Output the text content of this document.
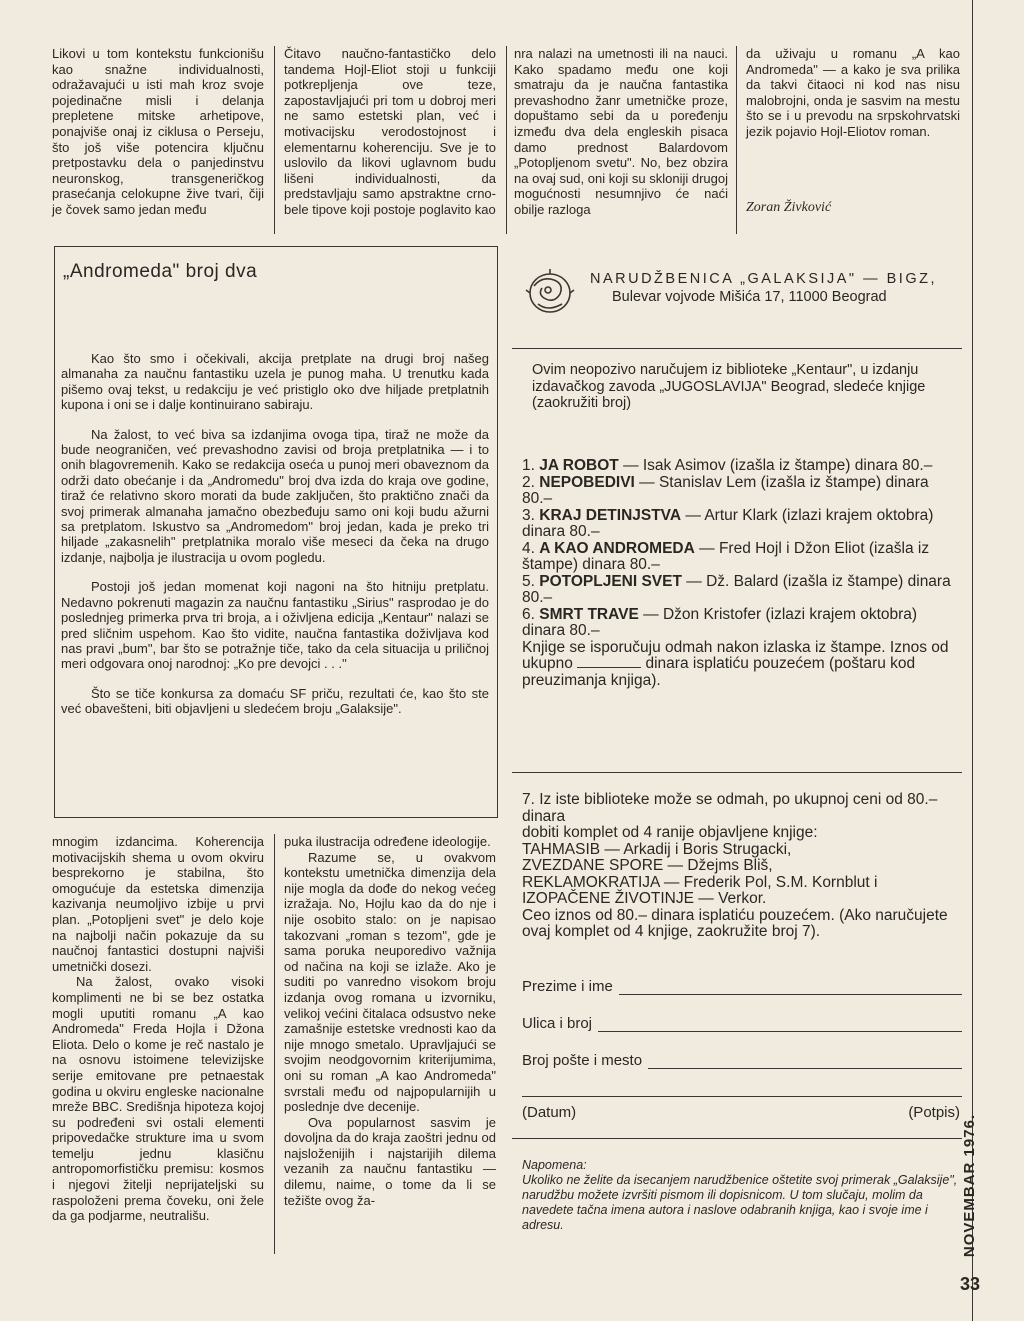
Likovi u tom kontekstu funkcionišu kao snažne individualnosti, odražavajući u isti mah kroz svoje pojedinačne misli i delanja prepletene mitske arhetipove, ponajviše onaj iz ciklusa o Perseju, što još više potencira ključnu pretpostavku dela o panjedinstvu neuronskog, transgeneričkog prasećanja celokupne žive tvari, čiji je čovek samo jedan među

Čitavo naučno-fantastičko delo tandema Hojl-Eliot stoji u funkciji potkrepljenja ove teze, zapostavljajući pri tom u dobroj meri ne samo estetski plan, već i motivacijsku verodostojnost i elementarnu koherenciju. Sve je to uslovilo da likovi uglavnom budu lišeni individualnosti, da predstavljaju samo apstraktne crno-bele tipove koji postoje poglavito kao

nra nalazi na umetnosti ili na nauci. Kako spadamo među one koji smatraju da je naučna fantastika prevashodno žanr umetničke proze, dopuštamo sebi da u poređenju između dva dela engleskih pisaca damo prednost Balardovom „Potopljenom svetu". No, bez obzira na ovaj sud, oni koji su skloniji drugoj mogućnosti nesumnjivo će naći obilje razloga

da uživaju u romanu „A kao Andromeda" — a kako je sva prilika da takvi čitaoci ni kod nas nisu malobrojni, onda je sasvim na mestu što se i u prevodu na srpskohrvatski jezik pojavio Hojl-Eliotov roman.

Zoran Živković

„Andromeda" broj dva

Kao što smo i očekivali, akcija pretplate na drugi broj našeg almanaha za naučnu fantastiku uzela je punog maha. U trenutku kada pišemo ovaj tekst, u redakciju je već pristiglo oko dve hiljade pretplatnih kupona i oni se i dalje kontinuirano sabiraju.

Na žalost, to već biva sa izdanjima ovoga tipa, tiraž ne može da bude neograničen, već prevashodno zavisi od broja pretplatnika — i to onih blagovremenih. Kako se redakcija oseća u punoj meri obaveznom da održi dato obećanje i da „Andromedu" broj dva izda do kraja ove godine, tiraž će relativno skoro morati da bude zaključen, što praktično znači da svoj primerak almanaha jamačno obezbeđuju samo oni koji budu ažurni sa pretplatom. Iskustvo sa „Andromedom" broj jedan, kada je preko tri hiljade „zakasnelih" pretplatnika moralo više meseci da čeka na drugo izdanje, najbolja je ilustracija u ovom pogledu.

Postoji još jedan momenat koji nagoni na što hitniju pretplatu. Nedavno pokrenuti magazin za naučnu fantastiku „Sirius" rasprodao je do poslednjeg primerka prva tri broja, a i oživljena edicija „Kentaur" nalazi se pred sličnim uspehom. Kao što vidite, naučna fantastika doživljava kod nas pravi „bum", bar što se potražnje tiče, tako da cela situacija u priličnoj meri odgovara onoj narodnoj: „Ko pre devojci . . ."

Što se tiče konkursa za domaću SF priču, rezultati će, kao što ste već obavešteni, biti objavljeni u sledećem broju „Galaksije".

mnogim izdancima. Koherencija motivacijskih shema u ovom okviru besprekorno je stabilna, što omogućuje da estetska dimenzija kazivanja neumoljivo izbije u prvi plan. „Potopljeni svet" je delo koje na najbolji način pokazuje da su naučnoj fantastici dostupni najviši umetnički dosezi.

Na žalost, ovako visoki komplimenti ne bi se bez ostatka mogli uputiti romanu „A kao Andromeda" Freda Hojla i Džona Elіota. Delo o kome je reč nastalo je na osnovu istoimene televizijske serije emitovane pre petnaestak godina u okviru engleske nacionalne mreže BBC. Središnja hipoteza kojoj su podređeni svi ostali elementi pripovedačke strukture ima u svom temelju jednu klasičnu antropomorfističku premisu: kosmos i njegovi žitelji neprijateljski su raspoloženi prema čoveku, oni žele da ga podjarme, neutrališu.

puka ilustracija određene ideologije.

Razume se, u ovakvom kontekstu umetnička dimenzija dela nije mogla da dođe do nekog većeg izražaja. No, Hojlu kao da do nje i nije osobito stalo: on je napisao takozvani „roman s tezom", gde je sama poruka neuporedivo važnija od načina na koji se izlaže. Ako je suditi po vanredno visokom broju izdanja ovog romana u izvorniku, velikoj većini čitalaca odsustvo neke zamašnije estetske vrednosti kao da nije mnogo smetalo. Upravljajući se svojim neodgovornim kriterijumima, oni su roman „A kao Andromeda" svrstali među od najpopularnijih u poslednje dve decenije.

Ova popularnost sasvim je dovoljna da do kraja zaoštri jednu od najsloženijih i najstarijih dilema vezanih za naučnu fantastiku — dilemu, naime, o tome da li se težište ovog ža-

NARUDŽBENICA „GALAKSIJA" — BIGZ,
Bulevar vojvode Mišića 17, 11000 Beograd
Ovim neopozivo naručujem iz biblioteke „Kentaur", u izdanju izdavačkog zavoda „JUGOSLAVIJA" Beograd, sledeće knjige (zaokružiti broj)
1. JA ROBOT — Isak Asimov (izašla iz štampe) dinara 80.–
2. NEPOBEDIVI — Stanislav Lem (izašla iz štampe) dinara 80.–
3. KRAJ DETINJSTVA — Artur Klark (izlazi krajem oktobra) dinara 80.–
4. A KAO ANDROMEDA — Fred Hojl i Džon Eliot (izašla iz štampe) dinara 80.–
5. POTOPLJENI SVET — Dž. Balard (izašla iz štampe) dinara 80.–
6. SMRT TRAVE — Džon Kristofer (izlazi krajem oktobra) dinara 80.–
Knjige se isporučuju odmah nakon izlaska iz štampe. Iznos od ukupno	dinara isplatiću pouzećem (poštaru kod preuzimanja knjiga).
7. Iz iste biblioteke može se odmah, po ukupnoj ceni od 80.– dinara
dobiti komplet od 4 ranije objavljene knjige:
TAHMASIB — Arkadij i Boris Strugacki,
ZVEZDANE SPORE — Džejms Bliš,
REKLAMOKRATIJA — Frederik Pol, S.M. Kornblut i
IZOPAČENE ŽIVOTINJE — Verkor.
Ceo iznos od 80.– dinara isplatiću pouzećem. (Ako naručujete ovaj komplet od 4 knjige, zaokružite broj 7).
Prezime i ime
Ulica i broj
Broj pošte i mesto
(Datum)	(Potpis)
Napomena:
Ukoliko ne želite da isecanjem narudžbenice oštetite svoj primerak „Galaksije", narudžbu možete izvršiti pismom ili dopisnicom. U tom slučaju, molim da navedete tačna imena autora i naslove odabranih knjiga, kao i svoje ime i adresu.	NOVEMBAR 1976.
33
